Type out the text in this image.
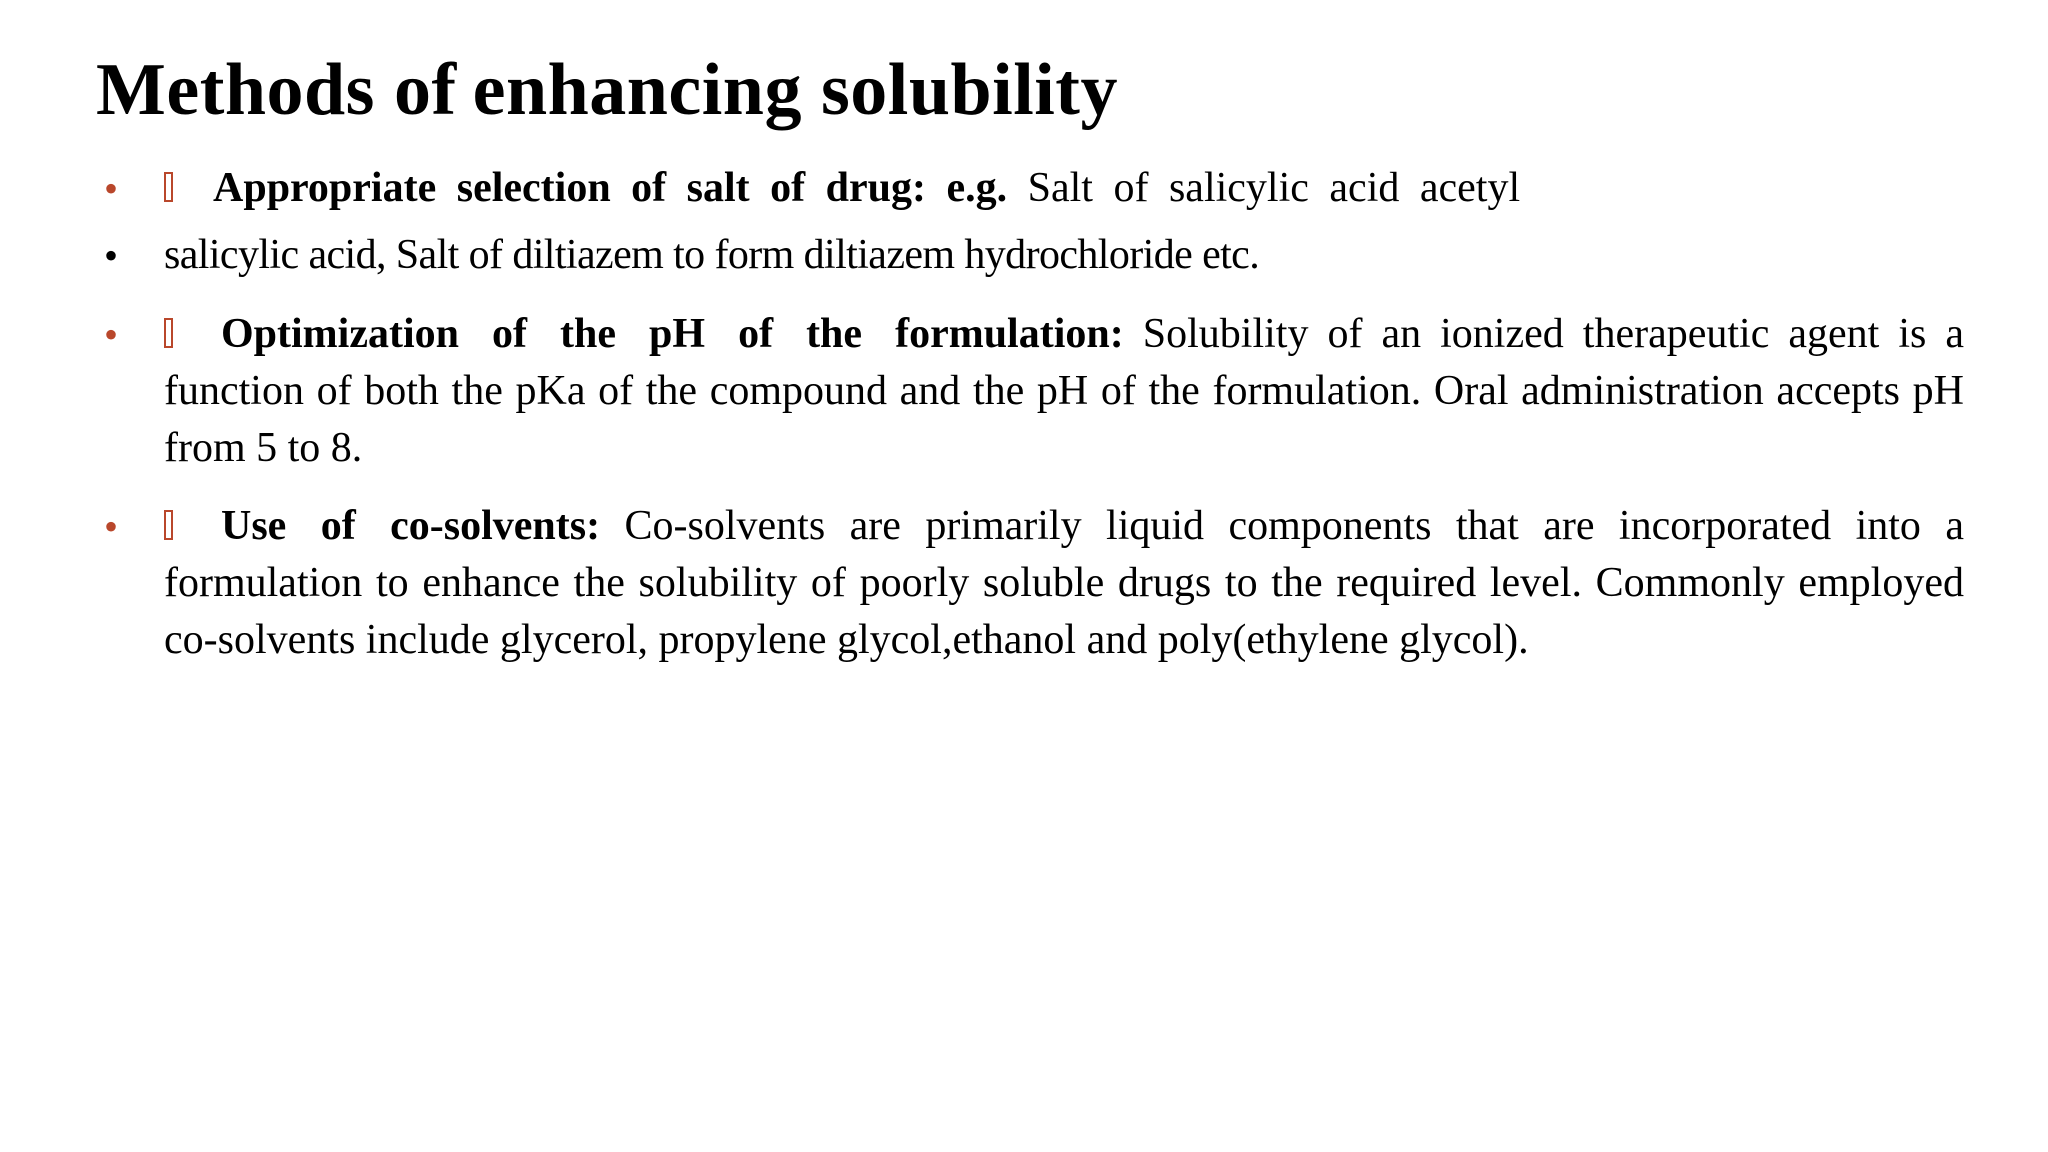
Methods of enhancing solubility
•	Appropriate selection of salt of drug: e.g. Salt of salicylic acid acetyl
• salicylic acid, Salt of diltiazem to form diltiazem hydrochloride etc.
•	Optimization of the pH of the formulation: Solubility of an ionized therapeutic agent is a function of both the pKa of the compound and the pH of the formulation. Oral administration accepts pH from 5 to 8.
•	Use of co-solvents: Co-solvents are primarily liquid components that are incorporated into a formulation to enhance the solubility of poorly soluble drugs to the required level. Commonly employed co-solvents include glycerol, propylene glycol,ethanol and poly(ethylene glycol).
